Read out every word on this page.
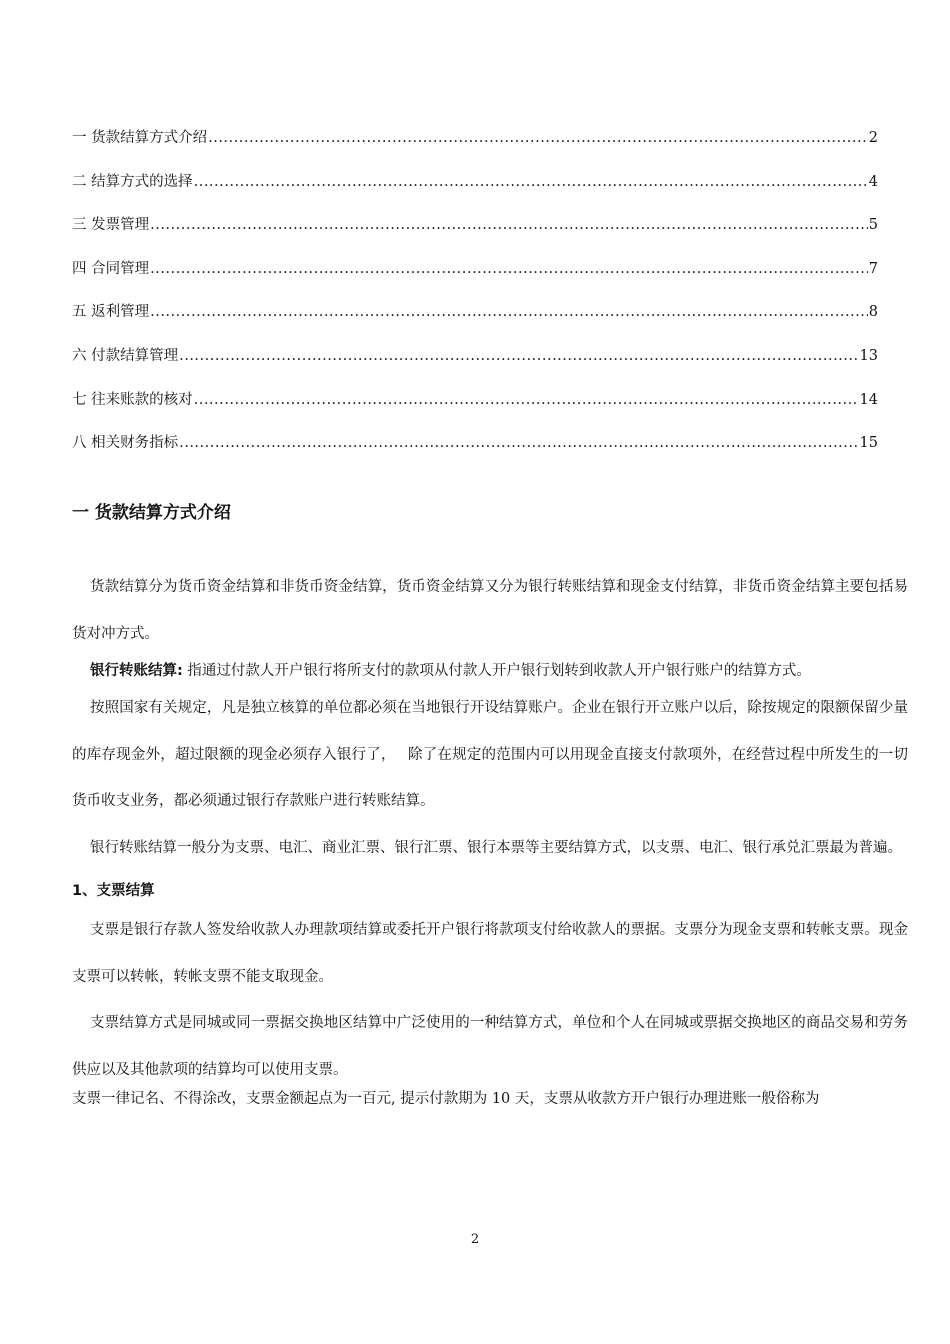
一 货款结算方式介绍 .....	2
二 结算方式的选择 .....	4
三 发票管理 .....	5
四 合同管理 .....	7
五 返利管理 .....	8
六 付款结算管理 .....	13
七 往来账款的核对 .....	14
八 相关财务指标 .....	15
一 货款结算方式介绍

货款结算分为货币资金结算和非货币资金结算，货币资金结算又分为银行转账结算和现金支付结算，非货币资金结算主要包括易货对冲方式。

银行转账结算: 指通过付款人开户银行将所支付的款项从付款人开户银行划转到收款人开户银行账户的结算方式。

按照国家有关规定，凡是独立核算的单位都必须在当地银行开设结算账户。企业在银行开立账户以后，除按规定的限额保留少量的库存现金外，超过限额的现金必须存入银行了，　 除了在规定的范围内可以用现金直接支付款项外，在经营过程中所发生的一切货币收支业务，都必须通过银行存款账户进行转账结算。

银行转账结算一般分为支票、电汇、商业汇票、银行汇票、银行本票等主要结算方式，以支票、电汇、银行承兑汇票最为普遍。

1、支票结算

支票是银行存款人签发给收款人办理款项结算或委托开户银行将款项支付给收款人的票据。支票分为现金支票和转帐支票。现金支票可以转帐，转帐支票不能支取现金。

支票结算方式是同城或同一票据交换地区结算中广泛使用的一种结算方式，单位和个人在同城或票据交换地区的商品交易和劳务供应以及其他款项的结算均可以使用支票。

支票一律记名、不得涂改，支票金额起点为一百元, 提示付款期为 10 天，支票从收款方开户银行办理进账一般俗称为

2
